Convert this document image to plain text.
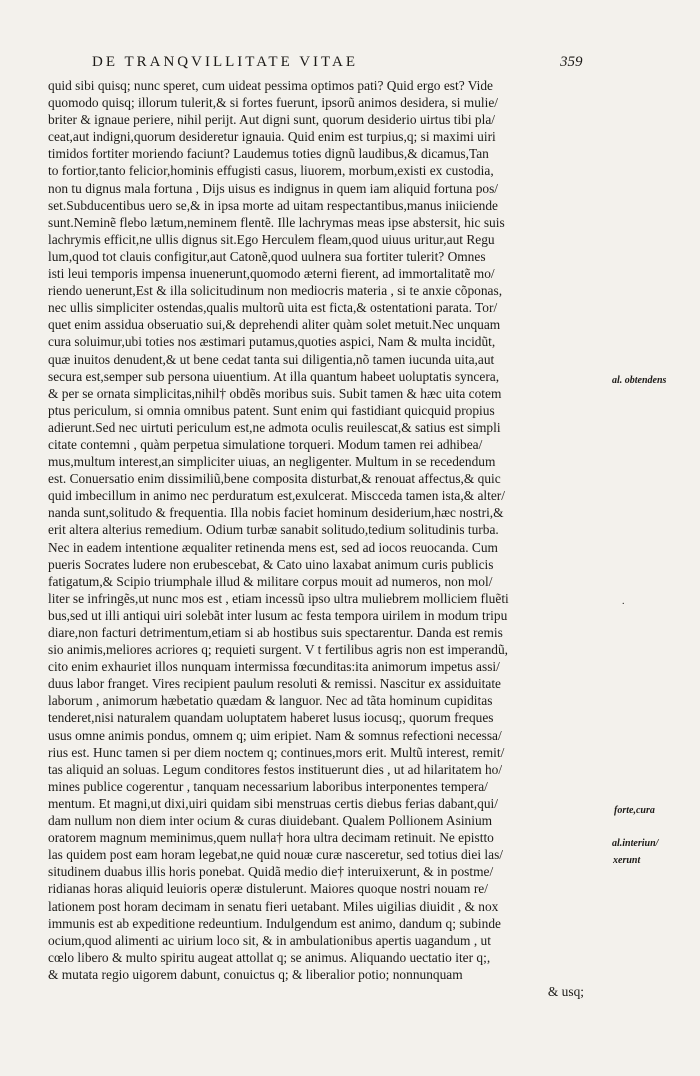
DE TRANQVILLITATE VITAE	359
quid sibi quisq; nunc speret, cum uideat pessima optimos pati? Quid ergo est? Vide
quomodo quisq; illorum tulerit,& si fortes fuerunt, ipsorũ animos desidera, si mulie/
briter & ignaue periere, nihil perijt. Aut digni sunt, quorum desiderio uirtus tibi pla/
ceat,aut indigni,quorum desideretur ignauia. Quid enim est turpius,q; si maximi uiri
timidos fortiter moriendo faciunt? Laudemus toties dignũ laudibus,& dicamus,Tan
to fortior,tanto felicior,hominis effugisti casus, liuorem, morbum,existi ex custodia,
non tu dignus mala fortuna , Dijs uisus es indignus in quem iam aliquid fortuna pos/
set.Subducentibus uero se,& in ipsa morte ad uitam respectantibus,manus iniiciende
sunt.Neminẽ flebo lætum,neminem flentẽ. Ille lachrymas meas ipse abstersit, hic suis
lachrymis efficit,ne ullis dignus sit.Ego Herculem fleam,quod uiuus uritur,aut Regu
lum,quod tot clauis configitur,aut Catonẽ,quod uulnera sua fortiter tulerit? Omnes
isti leui temporis impensa inuenerunt,quomodo æterni fierent, ad immortalitatẽ mo/
riendo uenerunt,Est & illa solicitudinum non mediocris materia , si te anxie cõponas,
nec ullis simpliciter ostendas,qualis multorũ uita est ficta,& ostentationi parata. Tor/
quet enim assidua obseruatio sui,& deprehendi aliter quàm solet metuit.Nec unquam
cura soluimur,ubi toties nos æstimari putamus,quoties aspici, Nam & multa incidũt,
quæ inuitos denudent,& ut bene cedat tanta sui diligentia,nõ tamen iucunda uita,aut
secura est,semper sub persona uiuentium. At illa quantum habeet uoluptatis syncera,
& per se ornata simplicitas,nihil† obdẽs moribus suis. Subit tamen & hæc uita cotem
ptus periculum, si omnia omnibus patent. Sunt enim qui fastidiant quicquid propius
adierunt.Sed nec uirtuti periculum est,ne admota oculis reuilescat,& satius est simpli
citate contemni , quàm perpetua simulatione torqueri. Modum tamen rei adhibea/
mus,multum interest,an simpliciter uiuas, an negligenter. Multum in se recedendum
est. Conuersatio enim dissimiliũ,bene composita disturbat,& renouat affectus,& quic
quid imbecillum in animo nec perduratum est,exulcerat. Miscceda tamen ista,& alter/
nanda sunt,solitudo & frequentia. Illa nobis faciet hominum desiderium,hæc nostri,&
erit altera alterius remedium. Odium turbæ sanabit solitudo,tedium solitudinis turba.
Nec in eadem intentione æqualiter retinenda mens est, sed ad iocos reuocanda. Cum
pueris Socrates ludere non erubescebat, & Cato uino laxabat animum curis publicis
fatigatum,& Scipio triumphale illud & militare corpus mouit ad numeros, non mol/
liter se infringẽs,ut nunc mos est , etiam incessũ ipso ultra muliebrem molliciem fluẽti
bus,sed ut illi antiqui uiri solebãt inter lusum ac festa tempora uirilem in modum tripu
diare,non facturi detrimentum,etiam si ab hostibus suis spectarentur. Danda est remis
sio animis,meliores acriores q; requieti surgent. V t fertilibus agris non est imperandũ,
cito enim exhauriet illos nunquam intermissa fœcunditas:ita animorum impetus assi/
duus labor franget. Vires recipient paulum resoluti & remissi. Nascitur ex assiduitate
laborum , animorum hæbetatio quædam & languor. Nec ad tãta hominum cupiditas
tenderet,nisi naturalem quandam uoluptatem haberet lusus iocusq;, quorum freques
usus omne animis pondus, omnem q; uim eripiet. Nam & somnus refectioni necessa/
rius est. Hunc tamen si per diem noctem q; continues,mors erit. Multũ interest, remit/
tas aliquid an soluas. Legum conditores festos instituerunt dies , ut ad hilaritatem ho/
mines publice cogerentur , tanquam necessarium laboribus interponentes tempera/
mentum. Et magni,ut dixi,uiri quidam sibi menstruas certis diebus ferias dabant,qui/
dam nullum non diem inter ocium & curas diuidebant. Qualem Pollionem Asinium
oratorem magnum meminimus,quem nulla† hora ultra decimam retinuit. Ne epistto
las quidem post eam horam legebat,ne quid nouæ curæ nasceretur, sed totius diei las/
situdinem duabus illis horis ponebat. Quidã medio die† interuixerunt, & in postme/
ridianas horas aliquid leuioris operæ distulerunt. Maiores quoque nostri nouam re/
lationem post horam decimam in senatu fieri uetabant. Miles uigilias diuidit , & nox
immunis est ab expeditione redeuntium. Indulgendum est animo, dandum q; subinde
ocium,quod alimenti ac uirium loco sit, & in ambulationibus apertis uagandum , ut
cœlo libero & multo spiritu augeat attollat q; se animus. Aliquando uectatio iter q;,
& mutata regio uigorem dabunt, conuictus q; & liberalior potio; nonnunquam
& usq;
al. obtendens
forte,cura
al.interiun/
xerunt
.
